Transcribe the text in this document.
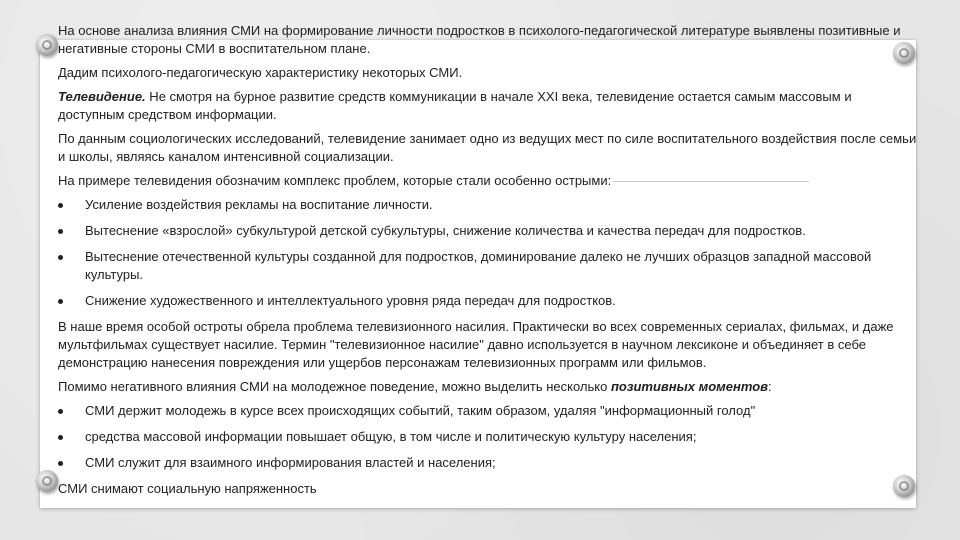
На основе анализа влияния СМИ на формирование личности подростков в психолого-педагогической литературе выявлены позитивные и негативные стороны СМИ в воспитательном плане.

Дадим психолого-педагогическую характеристику некоторых СМИ.

Телевидение. Не смотря на бурное развитие средств коммуникации в начале XXI века, телевидение остается самым массовым и доступным средством информации.

По данным социологических исследований, телевидение занимает одно из ведущих мест по силе воспитательного воздействия после семьи и школы, являясь каналом интенсивной социализации.

На примере телевидения обозначим комплекс проблем, которые стали особенно острыми:

Усиление воздействия рекламы на воспитание личности.
Вытеснение «взрослой» субкультурой детской субкультуры, снижение количества и качества передач для подростков.
Вытеснение отечественной культуры созданной для подростков, доминирование далеко не лучших образцов западной массовой культуры.
Снижение художественного и интеллектуального уровня ряда передач для подростков.

В наше время особой остроты обрела проблема телевизионного насилия. Практически во всех современных сериалах, фильмах, и даже мультфильмах существует насилие. Термин "телевизионное насилие" давно используется в научном лексиконе и объединяет в себе демонстрацию нанесения повреждения или ущербов персонажам телевизионных программ или фильмов.

Помимо негативного влияния СМИ на молодежное поведение, можно выделить несколько позитивных моментов:

СМИ держит молодежь в курсе всех происходящих событий, таким образом, удаляя "информационный голод"
средства массовой информации повышает общую, в том числе и политическую культуру населения;
СМИ служит для взаимного информирования властей и населения;

СМИ снимают социальную напряженность
